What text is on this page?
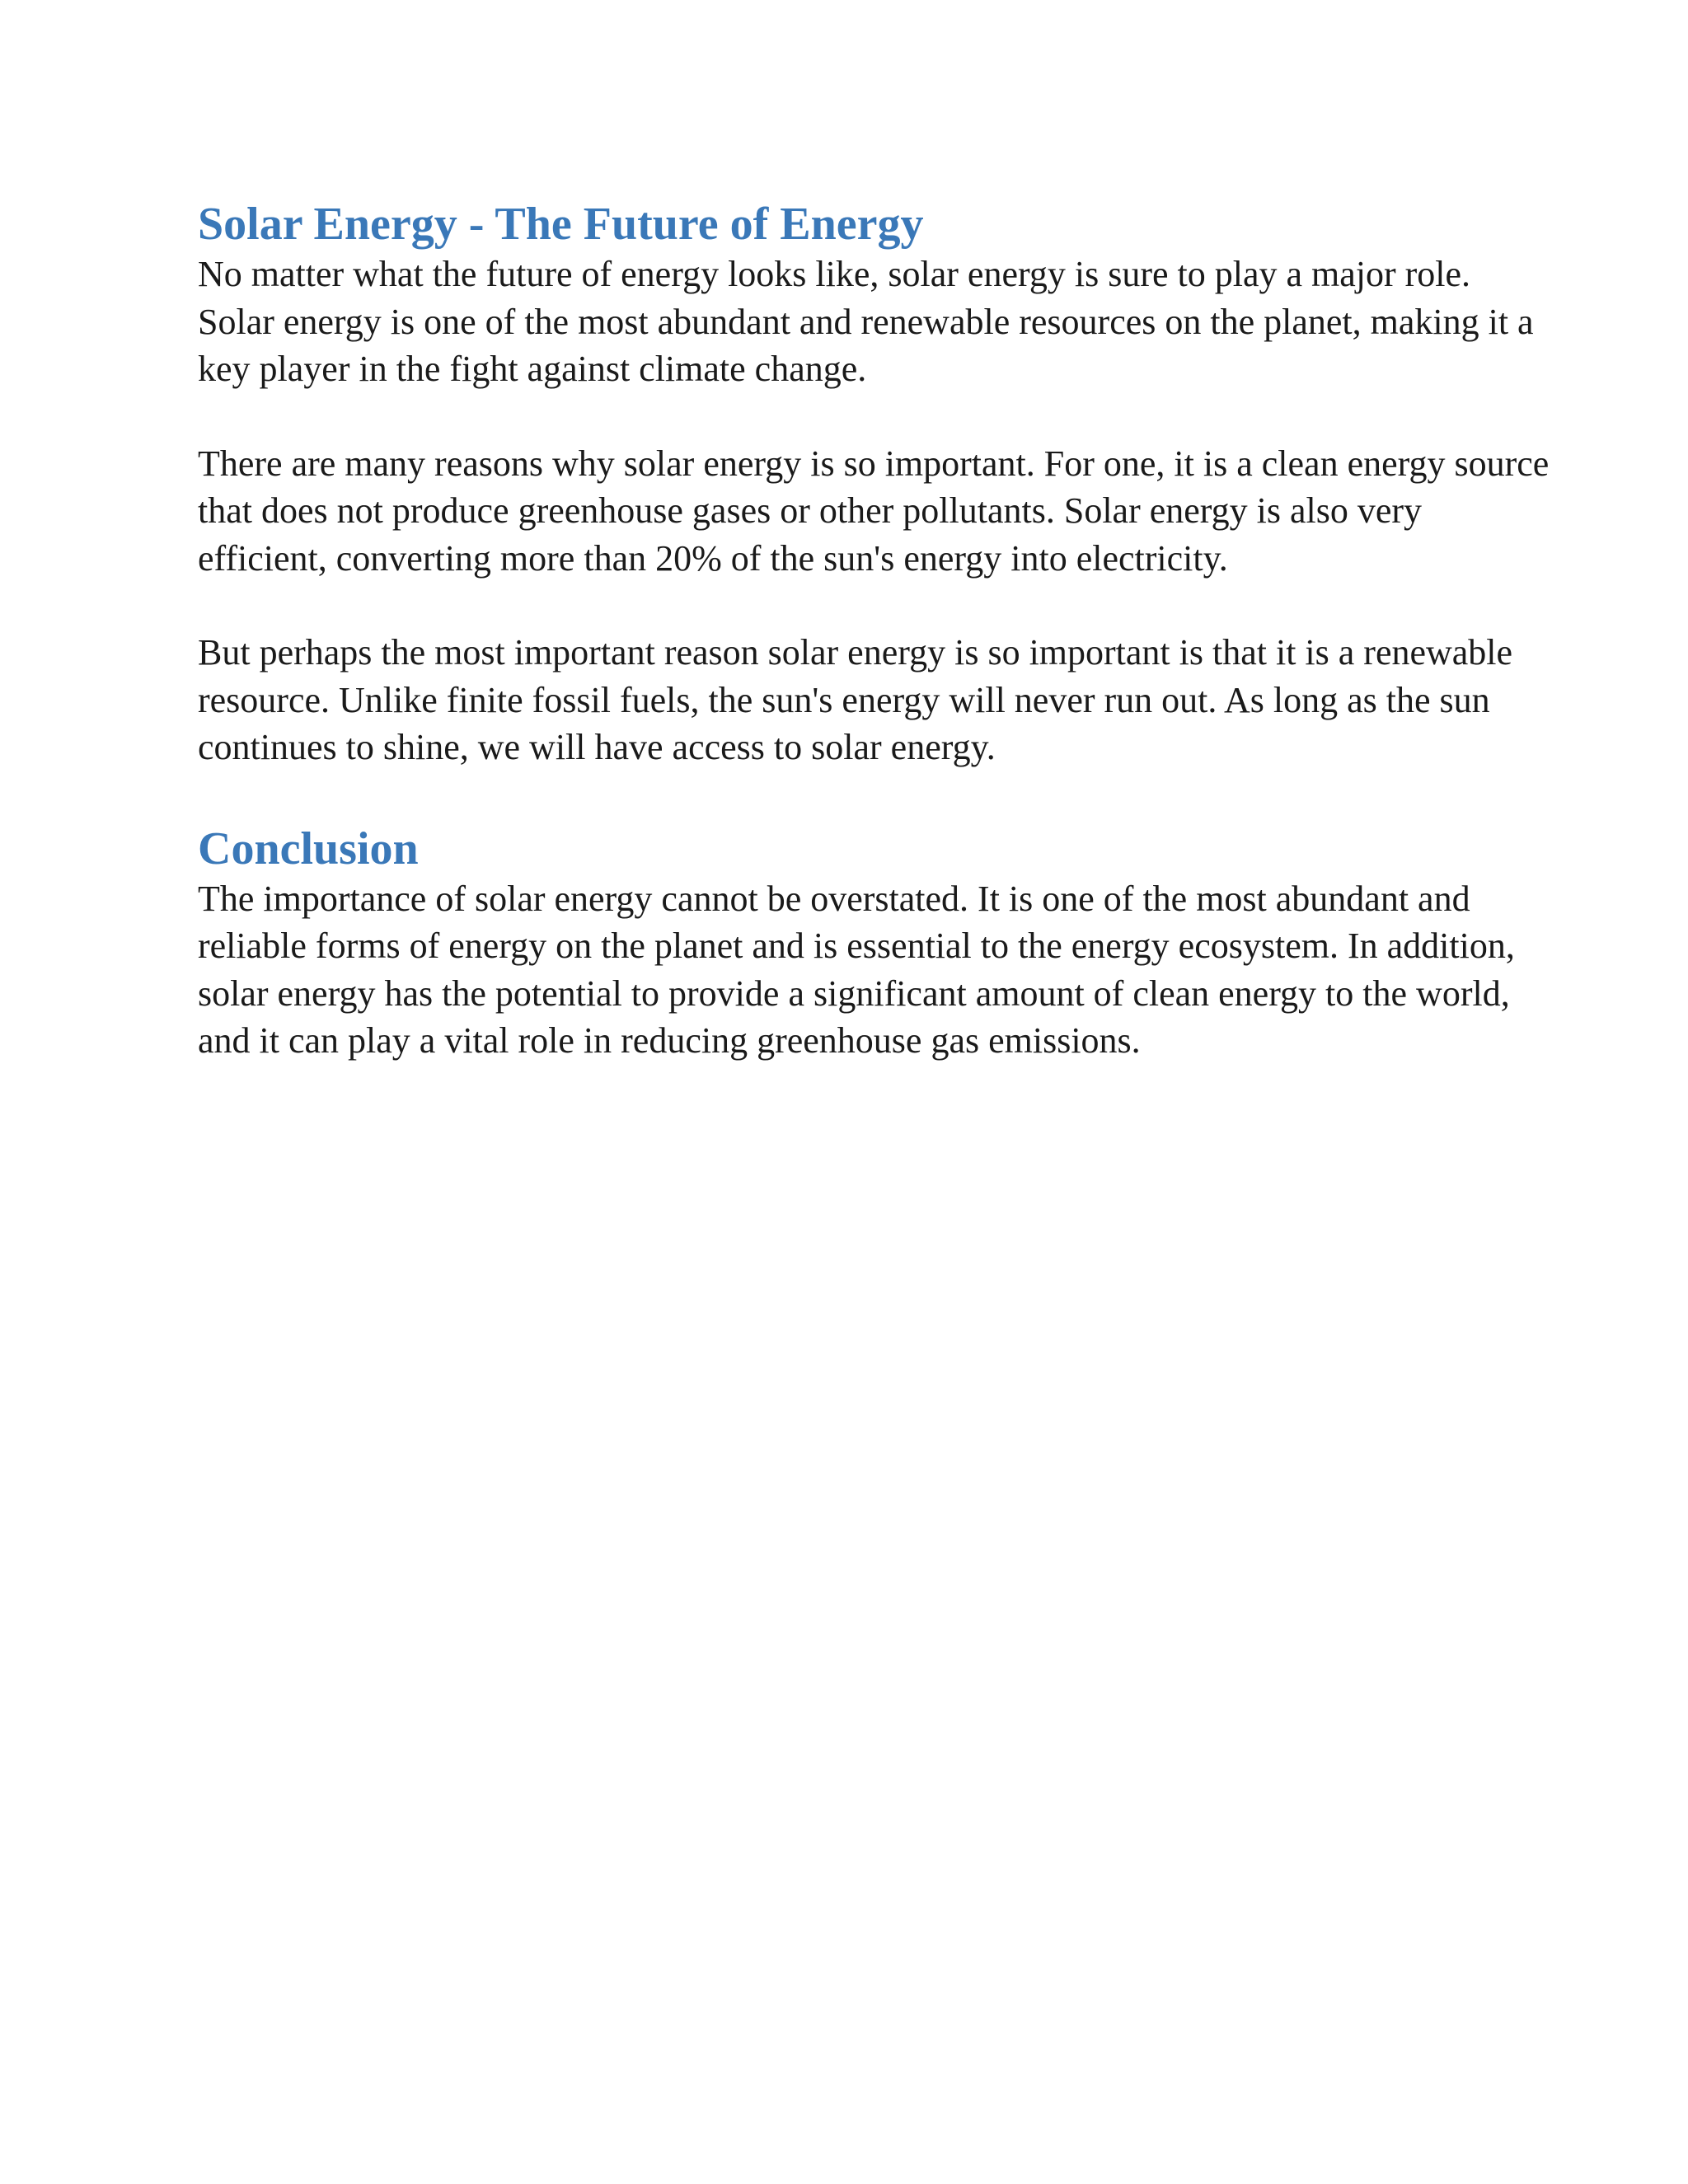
Solar Energy - The Future of Energy

No matter what the future of energy looks like, solar energy is sure to play a major role. Solar energy is one of the most abundant and renewable resources on the planet, making it a key player in the fight against climate change.

There are many reasons why solar energy is so important. For one, it is a clean energy source that does not produce greenhouse gases or other pollutants. Solar energy is also very efficient, converting more than 20% of the sun's energy into electricity.

But perhaps the most important reason solar energy is so important is that it is a renewable resource. Unlike finite fossil fuels, the sun's energy will never run out. As long as the sun continues to shine, we will have access to solar energy.

Conclusion

The importance of solar energy cannot be overstated. It is one of the most abundant and reliable forms of energy on the planet and is essential to the energy ecosystem. In addition, solar energy has the potential to provide a significant amount of clean energy to the world, and it can play a vital role in reducing greenhouse gas emissions.
